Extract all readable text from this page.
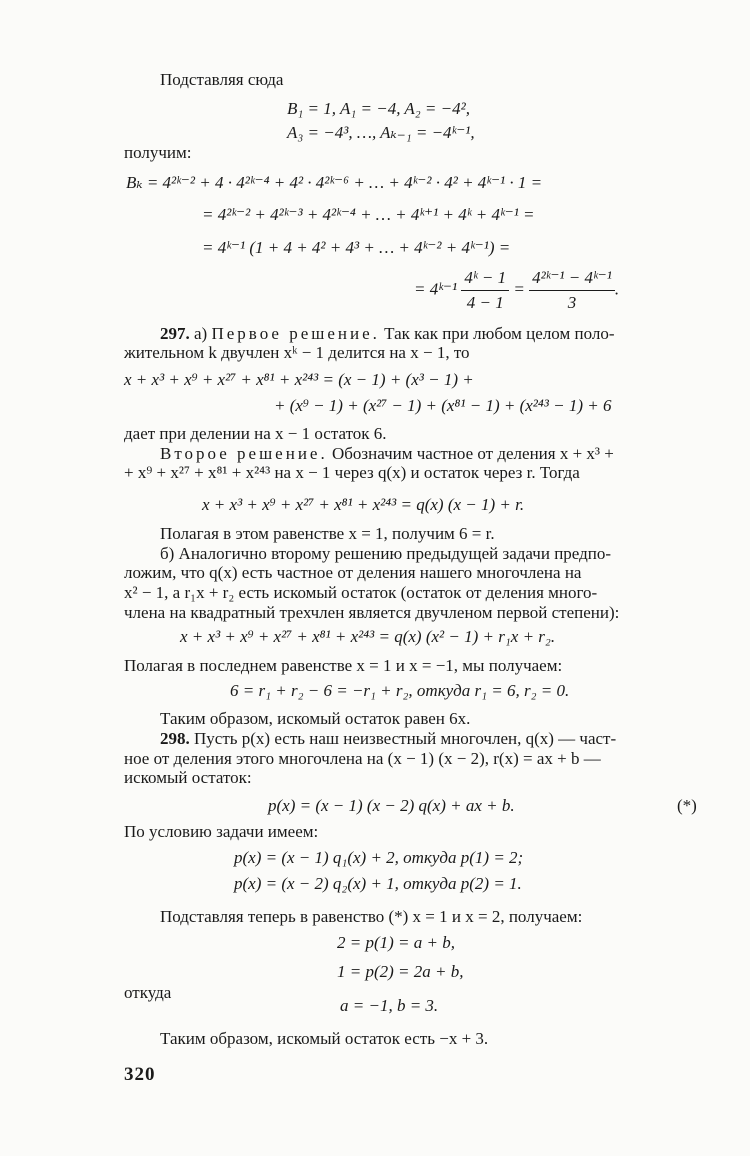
Подставляя сюда
B₁ = 1, A₁ = −4, A₂ = −4²,
A₃ = −4³, …, Aₖ₋₁ = −4ᵏ⁻¹,
получим:
Bₖ = 4²ᵏ⁻² + 4 · 4²ᵏ⁻⁴ + 4² · 4²ᵏ⁻⁶ + … + 4ᵏ⁻² · 4² + 4ᵏ⁻¹ · 1 =
= 4²ᵏ⁻² + 4²ᵏ⁻³ + 4²ᵏ⁻⁴ + … + 4ᵏ⁺¹ + 4ᵏ + 4ᵏ⁻¹ =
= 4ᵏ⁻¹ (1 + 4 + 4² + 4³ + … + 4ᵏ⁻² + 4ᵏ⁻¹) =
= 4ᵏ⁻¹ $\frac{\text{4ᵏ − 1}}{4 - 1} = \frac{\text{4²ᵏ⁻¹ − 4ᵏ⁻¹}}{3}$ .
297. а) Первое решение. Так как при любом целом поло-
жительном k двучлен xᵏ − 1 делится на x − 1, то
x + x³ + x⁹ + x²⁷ + x⁸¹ + x²⁴³ = (x − 1) + (x³ − 1) +
+ (x⁹ − 1) + (x²⁷ − 1) + (x⁸¹ − 1) + (x²⁴³ − 1) + 6
дает при делении на x − 1 остаток 6.
Второе решение. Обозначим частное от деления x + x³ +
+ x⁹ + x²⁷ + x⁸¹ + x²⁴³ на x − 1 через q(x) и остаток через r. Тогда
x + x³ + x⁹ + x²⁷ + x⁸¹ + x²⁴³ = q(x) (x − 1) + r.
Полагая в этом равенстве x = 1, получим 6 = r.
б) Аналогично второму решению предыдущей задачи предпо-
ложим, что q(x) есть частное от деления нашего многочлена на
x² − 1, а r₁x + r₂ есть искомый остаток (остаток от деления много-
члена на квадратный трехчлен является двучленом первой степени):
x + x³ + x⁹ + x²⁷ + x⁸¹ + x²⁴³ = q(x) (x² − 1) + r₁x + r₂.
Полагая в последнем равенстве x = 1 и x = −1, мы получаем:
6 = r₁ + r₂ − 6 = −r₁ + r₂, откуда r₁ = 6, r₂ = 0.
Таким образом, искомый остаток равен 6x.
298. Пусть p(x) есть наш неизвестный многочлен, q(x) — част-
ное от деления этого многочлена на (x − 1) (x − 2), r(x) = ax + b —
искомый остаток:
p(x) = (x − 1) (x − 2) q(x) + ax + b.	(*)
По условию задачи имеем:
p(x) = (x − 1) q₁(x) + 2, откуда p(1) = 2;
p(x) = (x − 2) q₂(x) + 1, откуда p(2) = 1.
Подставляя теперь в равенство (*) x = 1 и x = 2, получаем:
2 = p(1) = a + b,
1 = p(2) = 2a + b,
откуда
a = −1, b = 3.
Таким образом, искомый остаток есть −x + 3.
320
